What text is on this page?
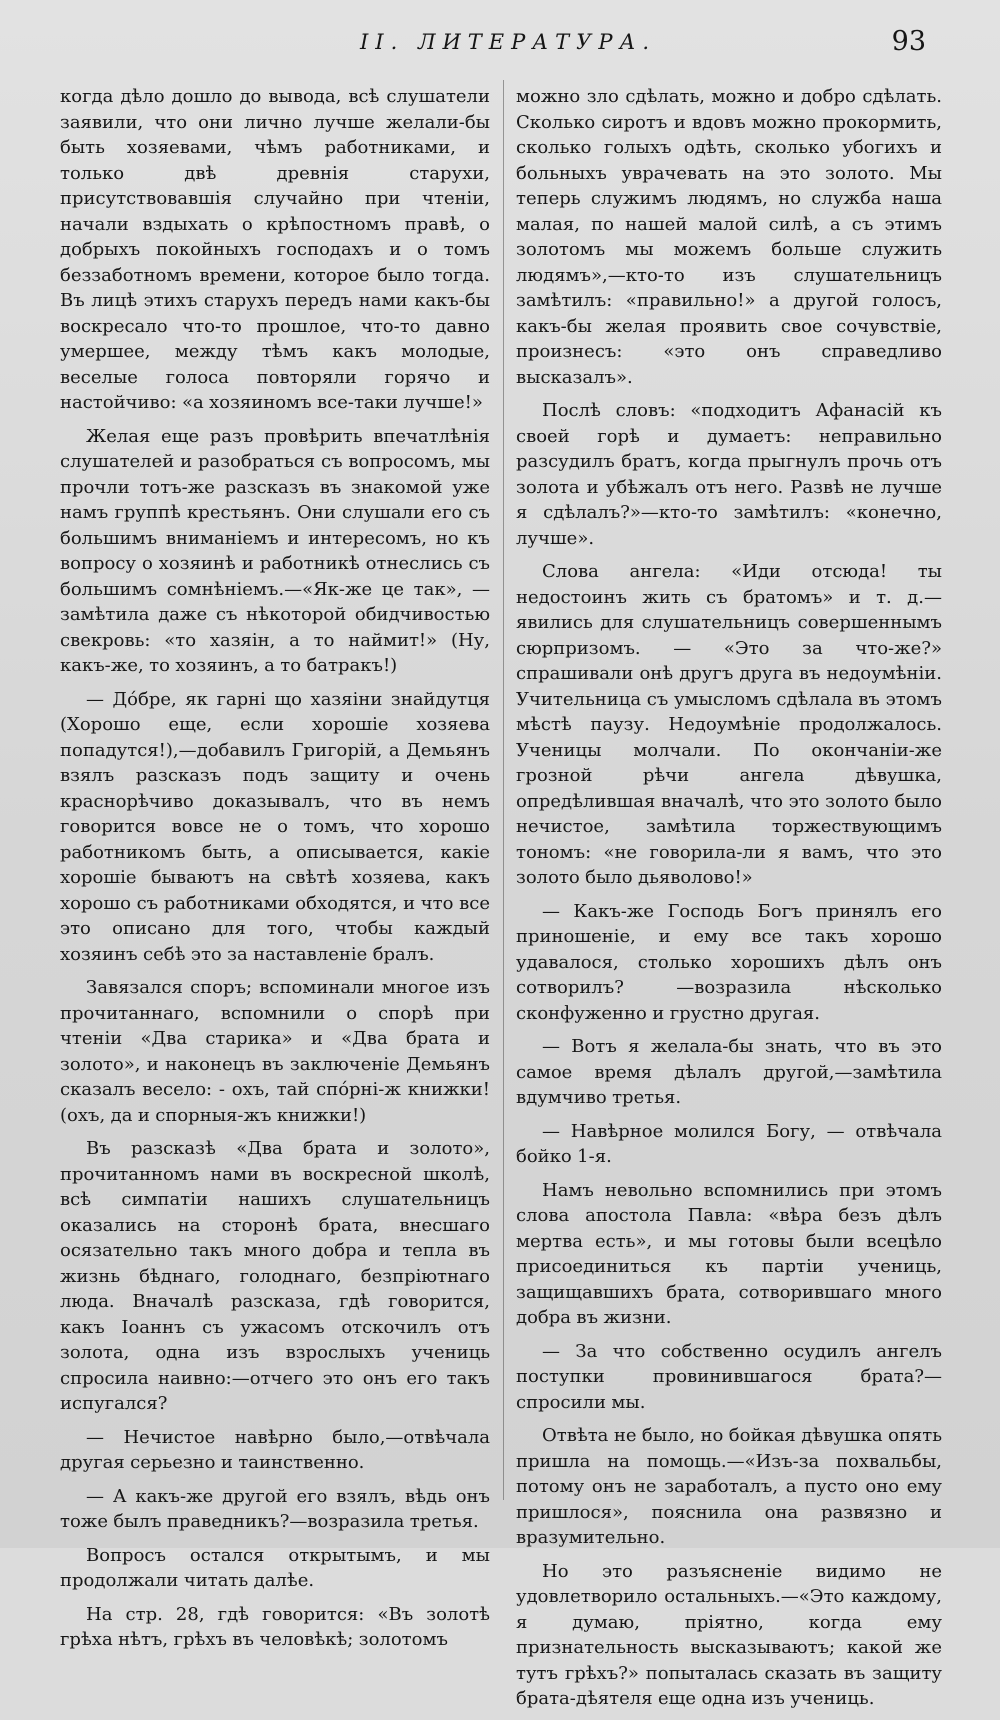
II. ЛИТЕРАТУРА.	93

когда дѣло дошло до вывода, всѣ слушатели заявили, что они лично лучше желали-бы быть хозяевами, чѣмъ работниками, и только двѣ древнія старухи, присутствовавшія случайно при чтеніи, начали вздыхать о крѣпостномъ правѣ, о добрыхъ покойныхъ господахъ и о томъ беззаботномъ времени, которое было тогда. Въ лицѣ этихъ старухъ передъ нами какъ-бы воскресало что-то прошлое, что-то давно умершее, между тѣмъ какъ молодые, веселые голоса повторяли горячо и настойчиво: «а хозяиномъ все-таки лучше!»

Желая еще разъ провѣрить впечатлѣнія слушателей и разобраться съ вопросомъ, мы прочли тотъ-же разсказъ въ знакомой уже намъ группѣ крестьянъ. Они слушали его съ большимъ вниманіемъ и интересомъ, но къ вопросу о хозяинѣ и работникѣ отнеслись съ большимъ сомнѣніемъ.—«Як-же це так», —замѣтила даже съ нѣкоторой обидчивостью свекровь: «то хазяін, а то наймит!» (Ну, какъ-же, то хозяинъ, а то батракъ!)

— Дóбре, як гарні що хазяіни знайдутця (Хорошо еще, если хорошіе хозяева попадутся!),—добавилъ Григорій, а Демьянъ взялъ разсказъ подъ защиту и очень краснорѣчиво доказывалъ, что въ немъ говорится вовсе не о томъ, что хорошо работникомъ быть, а описывается, какіе хорошіе бываютъ на свѣтѣ хозяева, какъ хорошо съ работниками обходятся, и что все это описано для того, чтобы каждый хозяинъ себѣ это за наставленіе бралъ.

Завязался споръ; вспоминали многое изъ прочитаннаго, вспомнили о спорѣ при чтеніи «Два старика» и «Два брата и золото», и наконецъ въ заключеніе Демьянъ сказалъ весело: - охъ, тай спóрні-ж книжки! (охъ, да и спорныя-жъ книжки!)

Въ разсказѣ «Два брата и золото», прочитанномъ нами въ воскресной школѣ, всѣ симпатіи нашихъ слушательницъ оказались на сторонѣ брата, внесшаго осязательно такъ много добра и тепла въ жизнь бѣднаго, голоднаго, безпріютнаго люда. Вначалѣ разсказа, гдѣ говорится, какъ Іоаннъ съ ужасомъ отскочилъ отъ золота, одна изъ взрослыхъ учениць спросила наивно:—отчего это онъ его такъ испугался?

— Нечистое навѣрно было,—отвѣчала другая серьезно и таинственно.

— А какъ-же другой его взялъ, вѣдь онъ тоже былъ праведникъ?—возразила третья.

Вопросъ остался открытымъ, и мы продолжали читать далѣе.

На стр. 28, гдѣ говорится: «Въ золотѣ грѣха нѣтъ, грѣхъ въ человѣкѣ; золотомъ

можно зло сдѣлать, можно и добро сдѣлать. Сколько сиротъ и вдовъ можно прокормить, сколько голыхъ одѣть, сколько убогихъ и больныхъ уврачевать на это золото. Мы теперь служимъ людямъ, но служба наша малая, по нашей малой силѣ, а съ этимъ золотомъ мы можемъ больше служить людямъ»,—кто-то изъ слушательницъ замѣтилъ: «правильно!» а другой голосъ, какъ-бы желая проявить свое сочувствіе, произнесъ: «это онъ справедливо высказалъ».

Послѣ словъ: «подходитъ Афанасій къ своей горѣ и думаетъ: неправильно разсудилъ братъ, когда прыгнулъ прочь отъ золота и убѣжалъ отъ него. Развѣ не лучше я сдѣлалъ?»—кто-то замѣтилъ: «конечно, лучше».

Слова ангела: «Иди отсюда! ты недостоинъ жить съ братомъ» и т. д.—явились для слушательницъ совершеннымъ сюрпризомъ. — «Это за что-же?» спрашивали онѣ другъ друга въ недоумѣніи. Учительница съ умысломъ сдѣлала въ этомъ мѣстѣ паузу. Недоумѣніе продолжалось. Ученицы молчали. По окончаніи-же грозной рѣчи ангела дѣвушка, опредѣлившая вначалѣ, что это золото было нечистое, замѣтила торжествующимъ тономъ: «не говорила-ли я вамъ, что это золото было дьяволово!»

— Какъ-же Господь Богъ принялъ его приношеніе, и ему все такъ хорошо удавалося, столько хорошихъ дѣлъ онъ сотворилъ? —возразила нѣсколько сконфуженно и грустно другая.

— Вотъ я желала-бы знать, что въ это самое время дѣлалъ другой,—замѣтила вдумчиво третья.

— Навѣрное молился Богу, — отвѣчала бойко 1-я.

Намъ невольно вспомнились при этомъ слова апостола Павла: «вѣра безъ дѣлъ мертва есть», и мы готовы были всецѣло присоединиться къ партіи учениць, защищавшихъ брата, сотворившаго много добра въ жизни.

— За что собственно осудилъ ангелъ поступки провинившагося брата?—спросили мы.

Отвѣта не было, но бойкая дѣвушка опять пришла на помощь.—«Изъ-за похвальбы, потому онъ не заработалъ, а пусто оно ему пришлося», пояснила она развязно и вразумительно.

Но это разъясненіе видимо не удовлетворило остальныхъ.—«Это каждому, я думаю, пріятно, когда ему признательность высказываютъ; какой же тутъ грѣхъ?» попыталась сказать въ защиту брата-дѣятеля еще одна изъ учениць.
